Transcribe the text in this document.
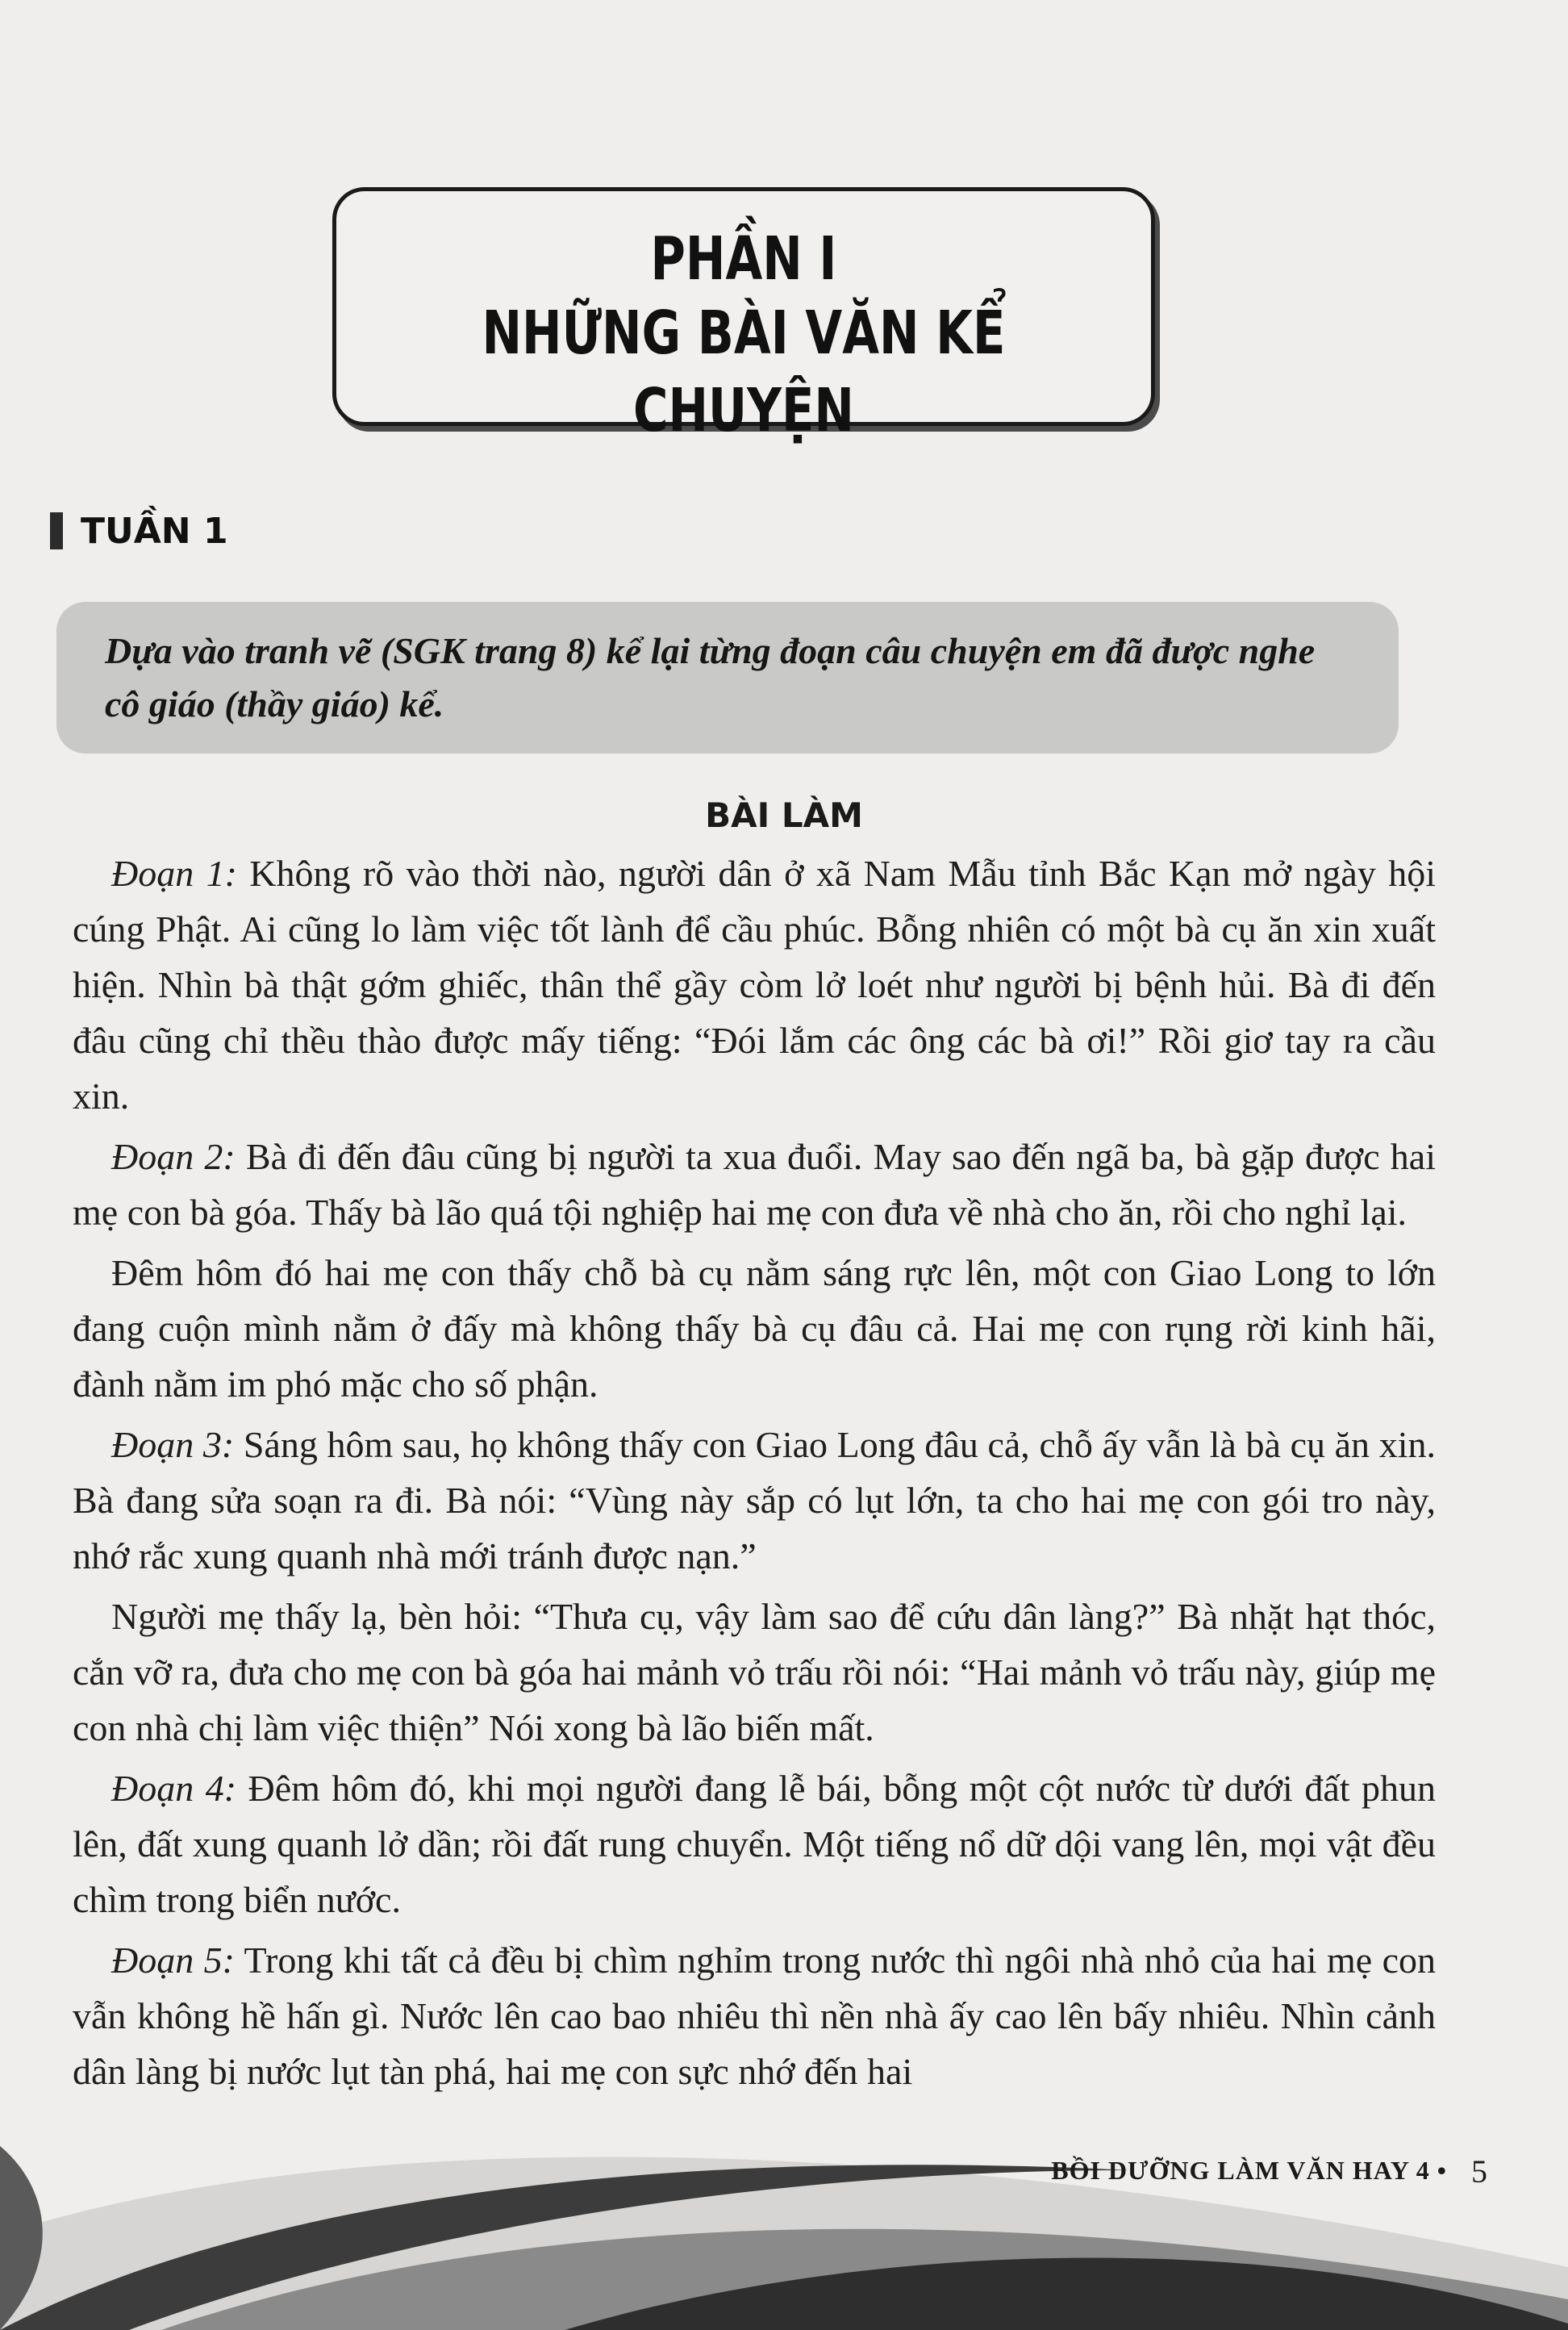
PHẦN I
NHỮNG BÀI VĂN KỂ CHUYỆN
TUẦN 1
Dựa vào tranh vẽ (SGK trang 8) kể lại từng đoạn câu chuyện em đã được nghe cô giáo (thầy giáo) kể.
BÀI LÀM

Đoạn 1: Không rõ vào thời nào, người dân ở xã Nam Mẫu tỉnh Bắc Kạn mở ngày hội cúng Phật. Ai cũng lo làm việc tốt lành để cầu phúc. Bỗng nhiên có một bà cụ ăn xin xuất hiện. Nhìn bà thật gớm ghiếc, thân thể gầy còm lở loét như người bị bệnh hủi. Bà đi đến đâu cũng chỉ thều thào được mấy tiếng: “Đói lắm các ông các bà ơi!” Rồi giơ tay ra cầu xin.

Đoạn 2: Bà đi đến đâu cũng bị người ta xua đuổi. May sao đến ngã ba, bà gặp được hai mẹ con bà góa. Thấy bà lão quá tội nghiệp hai mẹ con đưa về nhà cho ăn, rồi cho nghỉ lại.

Đêm hôm đó hai mẹ con thấy chỗ bà cụ nằm sáng rực lên, một con Giao Long to lớn đang cuộn mình nằm ở đấy mà không thấy bà cụ đâu cả. Hai mẹ con rụng rời kinh hãi, đành nằm im phó mặc cho số phận.

Đoạn 3: Sáng hôm sau, họ không thấy con Giao Long đâu cả, chỗ ấy vẫn là bà cụ ăn xin. Bà đang sửa soạn ra đi. Bà nói: “Vùng này sắp có lụt lớn, ta cho hai mẹ con gói tro này, nhớ rắc xung quanh nhà mới tránh được nạn.”

Người mẹ thấy lạ, bèn hỏi: “Thưa cụ, vậy làm sao để cứu dân làng?” Bà nhặt hạt thóc, cắn vỡ ra, đưa cho mẹ con bà góa hai mảnh vỏ trấu rồi nói: “Hai mảnh vỏ trấu này, giúp mẹ con nhà chị làm việc thiện” Nói xong bà lão biến mất.

Đoạn 4: Đêm hôm đó, khi mọi người đang lễ bái, bỗng một cột nước từ dưới đất phun lên, đất xung quanh lở dần; rồi đất rung chuyển. Một tiếng nổ dữ dội vang lên, mọi vật đều chìm trong biển nước.

Đoạn 5: Trong khi tất cả đều bị chìm nghỉm trong nước thì ngôi nhà nhỏ của hai mẹ con vẫn không hề hấn gì. Nước lên cao bao nhiêu thì nền nhà ấy cao lên bấy nhiêu. Nhìn cảnh dân làng bị nước lụt tàn phá, hai mẹ con sực nhớ đến hai

BỒI DƯỠNG LÀM VĂN HAY 4 • 5
